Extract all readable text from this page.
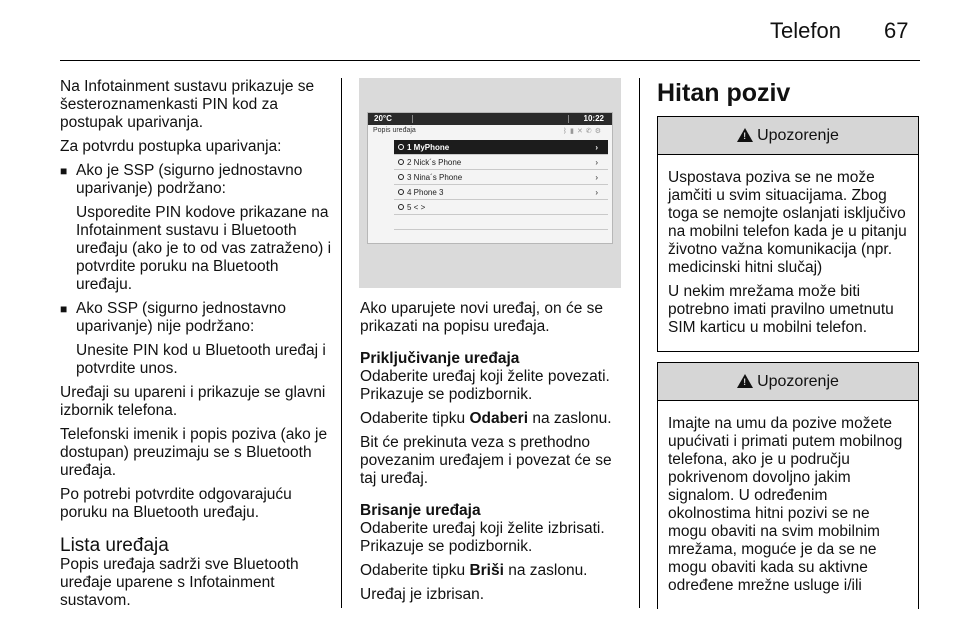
Telefon 67
Na Infotainment sustavu prikazuje se šesteroznamenkasti PIN kod za postupak uparivanja.
Za potvrdu postupka uparivanja:
■ Ako je SSP (sigurno jednostavno uparivanje) podržano:
Usporedite PIN kodove prikazane na Infotainment sustavu i Bluetooth uređaju (ako je to od vas zatraženo) i potvrdite poruku na Bluetooth uređaju.
■ Ako SSP (sigurno jednostavno uparivanje) nije podržano:
Unesite PIN kod u Bluetooth uređaj i potvrdite unos.
Uređaji su upareni i prikazuje se glavni izbornik telefona.
Telefonski imenik i popis poziva (ako je dostupan) preuzimaju se s Bluetooth uređaja.
Po potrebi potvrdite odgovarajuću poruku na Bluetooth uređaju.
Lista uređaja
Popis uređaja sadrži sve Bluetooth uređaje uparene s Infotainment sustavom.
20°C	10:22
Popis uređaja	ᛒ▮✕✆⚙
1 MyPhone	›
2 Nick´s Phone	›
3 Nina´s Phone	›
4 Phone 3	›
5 < >
Ako uparujete novi uređaj, on će se prikazati na popisu uređaja.
Priključivanje uređaja
Odaberite uređaj koji želite povezati. Prikazuje se podizbornik.
Odaberite tipku Odaberi na zaslonu.
Bit će prekinuta veza s prethodno povezanim uređajem i povezat će se taj uređaj.
Brisanje uređaja
Odaberite uređaj koji želite izbrisati. Prikazuje se podizbornik.
Odaberite tipku Briši na zaslonu.
Uređaj je izbrisan.
Hitan poziv
! Upozorenje
Uspostava poziva se ne može jamčiti u svim situacijama. Zbog toga se nemojte oslanjati isključivo na mobilni telefon kada je u pitanju životno važna komunikacija (npr. medicinski hitni slučaj)
U nekim mrežama može biti potrebno imati pravilno umetnutu SIM karticu u mobilni telefon.
! Upozorenje
Imajte na umu da pozive možete upućivati i primati putem mobilnog telefona, ako je u području pokrivenom dovoljno jakim signalom. U određenim okolnostima hitni pozivi se ne mogu obaviti na svim mobilnim mrežama, moguće je da se ne mogu obaviti kada su aktivne određene mrežne usluge i/ili
